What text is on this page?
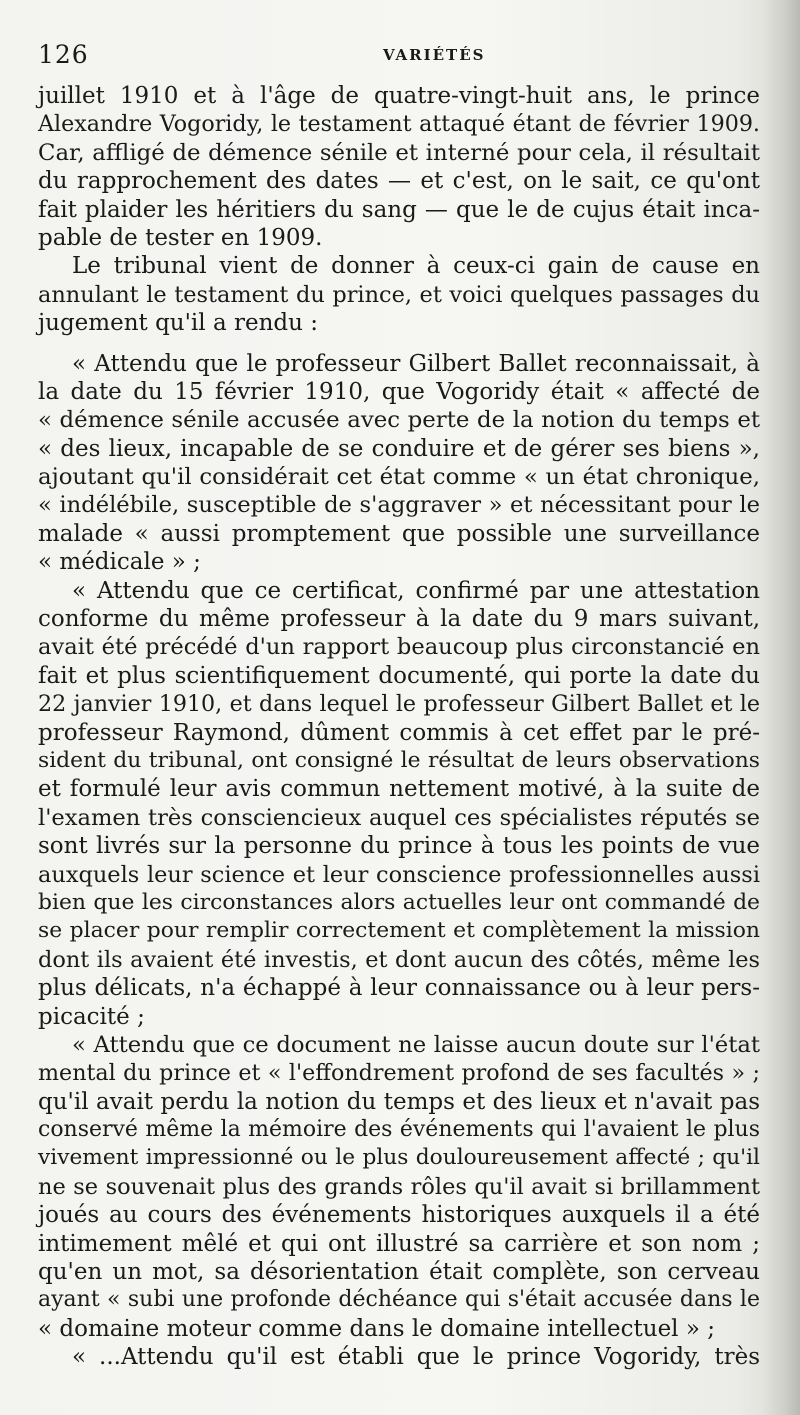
126	VARIÉTÉS
juillet 1910 et à l'âge de quatre-vingt-huit ans, le prince
Alexandre Vogoridy, le testament attaqué étant de février 1909.
Car, affligé de démence sénile et interné pour cela, il résultait
du rapprochement des dates — et c'est, on le sait, ce qu'ont
fait plaider les héritiers du sang — que le de cujus était inca-
pable de tester en 1909.
Le tribunal vient de donner à ceux-ci gain de cause en
annulant le testament du prince, et voici quelques passages du
jugement qu'il a rendu :
« Attendu que le professeur Gilbert Ballet reconnaissait, à
la date du 15 février 1910, que Vogoridy était « affecté de
« démence sénile accusée avec perte de la notion du temps et
« des lieux, incapable de se conduire et de gérer ses biens »,
ajoutant qu'il considérait cet état comme « un état chronique,
« indélébile, susceptible de s'aggraver » et nécessitant pour le
malade « aussi promptement que possible une surveillance
« médicale » ;
« Attendu que ce certificat, confirmé par une attestation
conforme du même professeur à la date du 9 mars suivant,
avait été précédé d'un rapport beaucoup plus circonstancié en
fait et plus scientifiquement documenté, qui porte la date du
22 janvier 1910, et dans lequel le professeur Gilbert Ballet et le
professeur Raymond, dûment commis à cet effet par le pré-
sident du tribunal, ont consigné le résultat de leurs observations
et formulé leur avis commun nettement motivé, à la suite de
l'examen très consciencieux auquel ces spécialistes réputés se
sont livrés sur la personne du prince à tous les points de vue
auxquels leur science et leur conscience professionnelles aussi
bien que les circonstances alors actuelles leur ont commandé de
se placer pour remplir correctement et complètement la mission
dont ils avaient été investis, et dont aucun des côtés, même les
plus délicats, n'a échappé à leur connaissance ou à leur pers-
picacité ;
« Attendu que ce document ne laisse aucun doute sur l'état
mental du prince et « l'effondrement profond de ses facultés » ;
qu'il avait perdu la notion du temps et des lieux et n'avait pas
conservé même la mémoire des événements qui l'avaient le plus
vivement impressionné ou le plus douloureusement affecté ; qu'il
ne se souvenait plus des grands rôles qu'il avait si brillamment
joués au cours des événements historiques auxquels il a été
intimement mêlé et qui ont illustré sa carrière et son nom ;
qu'en un mot, sa désorientation était complète, son cerveau
ayant « subi une profonde déchéance qui s'était accusée dans le
« domaine moteur comme dans le domaine intellectuel » ;
« ...Attendu qu'il est établi que le prince Vogoridy, très
